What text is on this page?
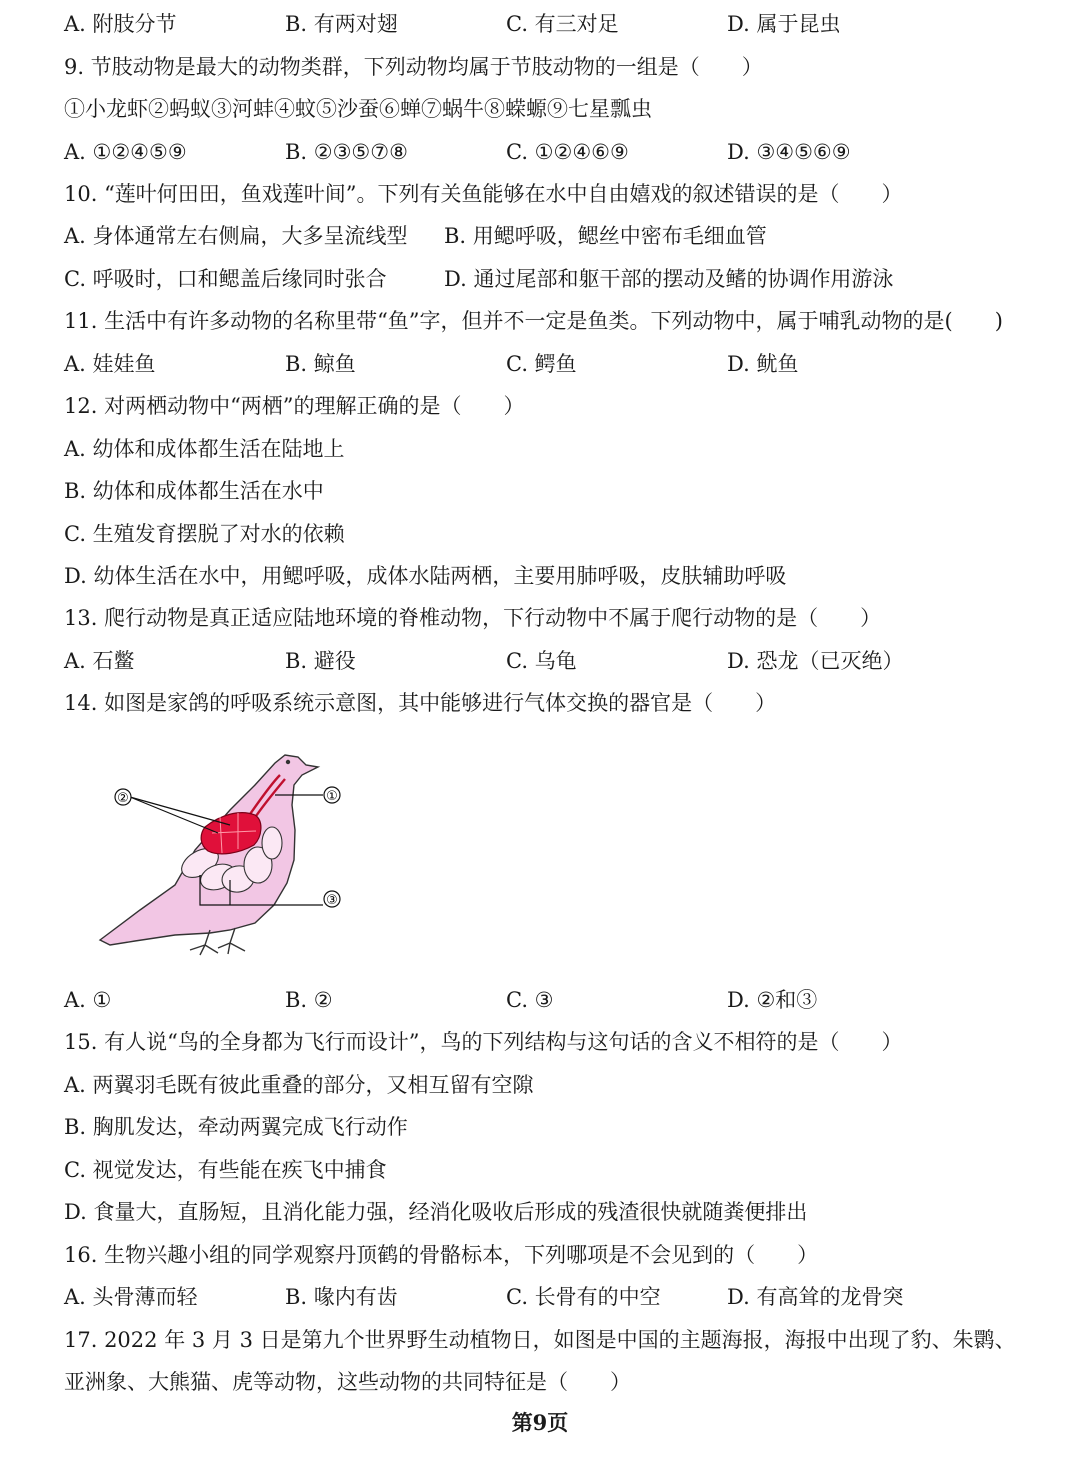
A. 附肢分节	B. 有两对翅	C. 有三对足	D. 属于昆虫
9. 节肢动物是最大的动物类群，下列动物均属于节肢动物的一组是（　　）
①小龙虾②蚂蚁③河蚌④蚊⑤沙蚕⑥蝉⑦蜗牛⑧蝾螈⑨七星瓢虫
A. ①②④⑤⑨	B. ②③⑤⑦⑧	C. ①②④⑥⑨	D. ③④⑤⑥⑨
10. “莲叶何田田，鱼戏莲叶间”。下列有关鱼能够在水中自由嬉戏的叙述错误的是（　　）
A. 身体通常左右侧扁，大多呈流线型 B. 用鳃呼吸，鳃丝中密布毛细血管
C. 呼吸时，口和鳃盖后缘同时张合	D. 通过尾部和躯干部的摆动及鳍的协调作用游泳
11. 生活中有许多动物的名称里带“鱼”字，但并不一定是鱼类。下列动物中，属于哺乳动物的是(　　)
A. 娃娃鱼	B. 鲸鱼	C. 鳄鱼	D. 鱿鱼
12. 对两栖动物中“两栖”的理解正确的是（　　）
A. 幼体和成体都生活在陆地上
B. 幼体和成体都生活在水中
C. 生殖发育摆脱了对水的依赖
D. 幼体生活在水中，用鳃呼吸，成体水陆两栖，主要用肺呼吸，皮肤辅助呼吸
13. 爬行动物是真正适应陆地环境的脊椎动物，下行动物中不属于爬行动物的是（　　）
A. 石鳖	B. 避役	C. 乌龟	D. 恐龙（已灭绝）
14. 如图是家鸽的呼吸系统示意图，其中能够进行气体交换的器官是（　　）
②	①
③
A. ①	B. ②	C. ③	D. ②和③
15. 有人说“鸟的全身都为飞行而设计”，鸟的下列结构与这句话的含义不相符的是（　　）
A. 两翼羽毛既有彼此重叠的部分，又相互留有空隙
B. 胸肌发达，牵动两翼完成飞行动作
C. 视觉发达，有些能在疾飞中捕食
D. 食量大，直肠短，且消化能力强，经消化吸收后形成的残渣很快就随粪便排出
16. 生物兴趣小组的同学观察丹顶鹤的骨骼标本，下列哪项是不会见到的（　　）
A. 头骨薄而轻	B. 喙内有齿	C. 长骨有的中空	D. 有高耸的龙骨突
17. 2022 年 3 月 3 日是第九个世界野生动植物日，如图是中国的主题海报，海报中出现了豹、朱鹮、
亚洲象、大熊猫、虎等动物，这些动物的共同特征是（　　）
第9页
